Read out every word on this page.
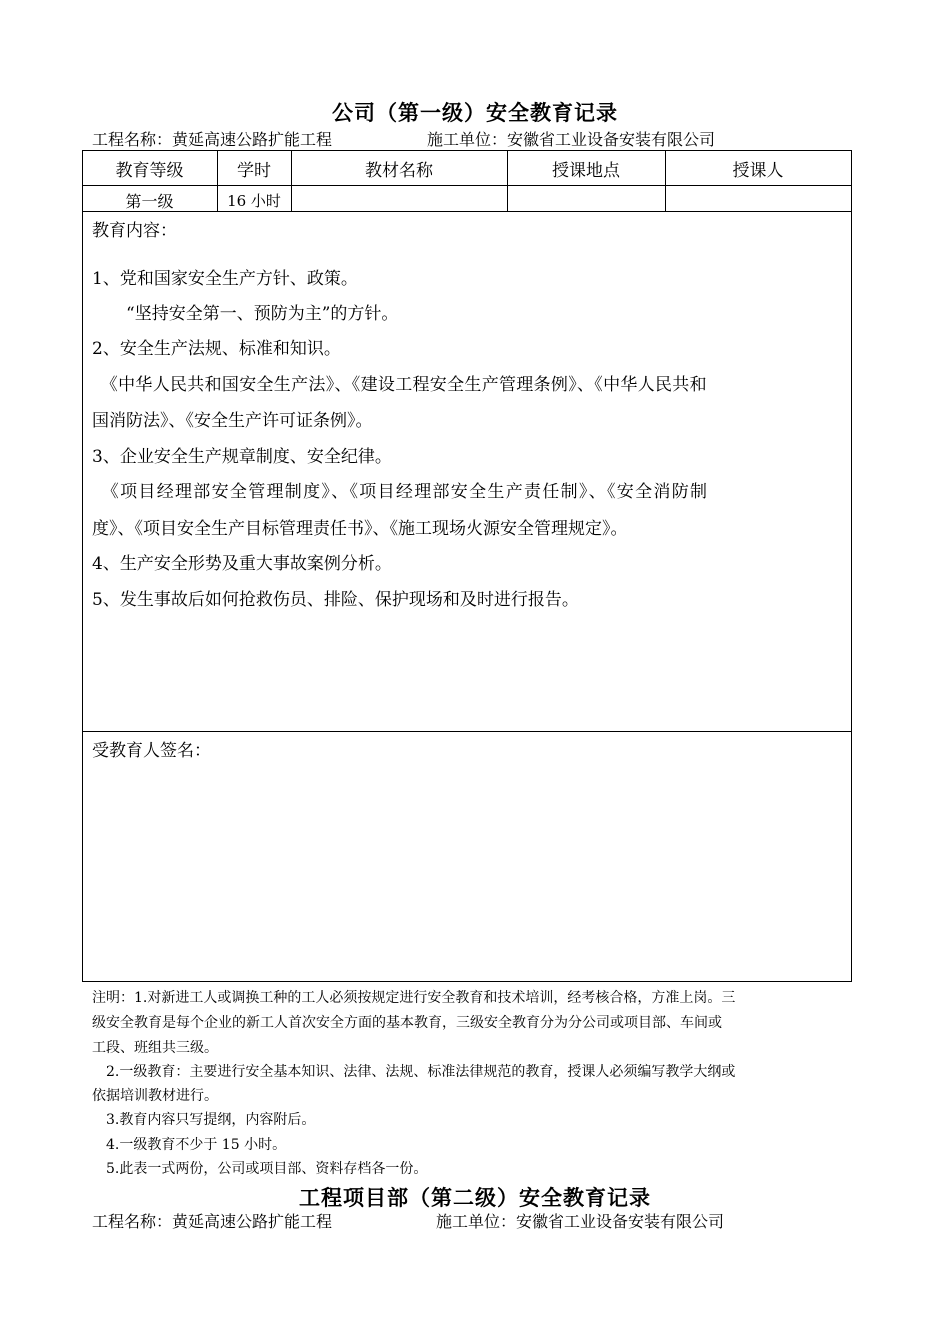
公司（第一级）安全教育记录
工程名称：黄延高速公路扩能工程	施工单位：安徽省工业设备安装有限公司
教育等级	学时	教材名称	授课地点	授课人
第一级	16 小时
教育内容：
1、党和国家安全生产方针、政策。
　　“坚持安全第一、预防为主”的方针。
2、安全生产法规、标准和知识。
　《中华人民共和国安全生产法》、《建设工程安全生产管理条例》、《中华人民共和
国消防法》、《安全生产许可证条例》。
3、企业安全生产规章制度、安全纪律。
　《项目经理部安全管理制度》、《项目经理部安全生产责任制》、《安全消防制
度》、《项目安全生产目标管理责任书》、《施工现场火源安全管理规定》。
4、生产安全形势及重大事故案例分析。
5、发生事故后如何抢救伤员、排险、保护现场和及时进行报告。
受教育人签名：
注明：1.对新进工人或调换工种的工人必须按规定进行安全教育和技术培训，经考核合格，方准上岗。三
级安全教育是每个企业的新工人首次安全方面的基本教育，三级安全教育分为分公司或项目部、车间或
工段、班组共三级。
　2.一级教育：主要进行安全基本知识、法律、法规、标准法律规范的教育，授课人必须编写教学大纲或
依据培训教材进行。
　3.教育内容只写提纲，内容附后。
　4.一级教育不少于 15 小时。
　5.此表一式两份，公司或项目部、资料存档各一份。
工程项目部（第二级）安全教育记录
工程名称：黄延高速公路扩能工程	施工单位：安徽省工业设备安装有限公司
